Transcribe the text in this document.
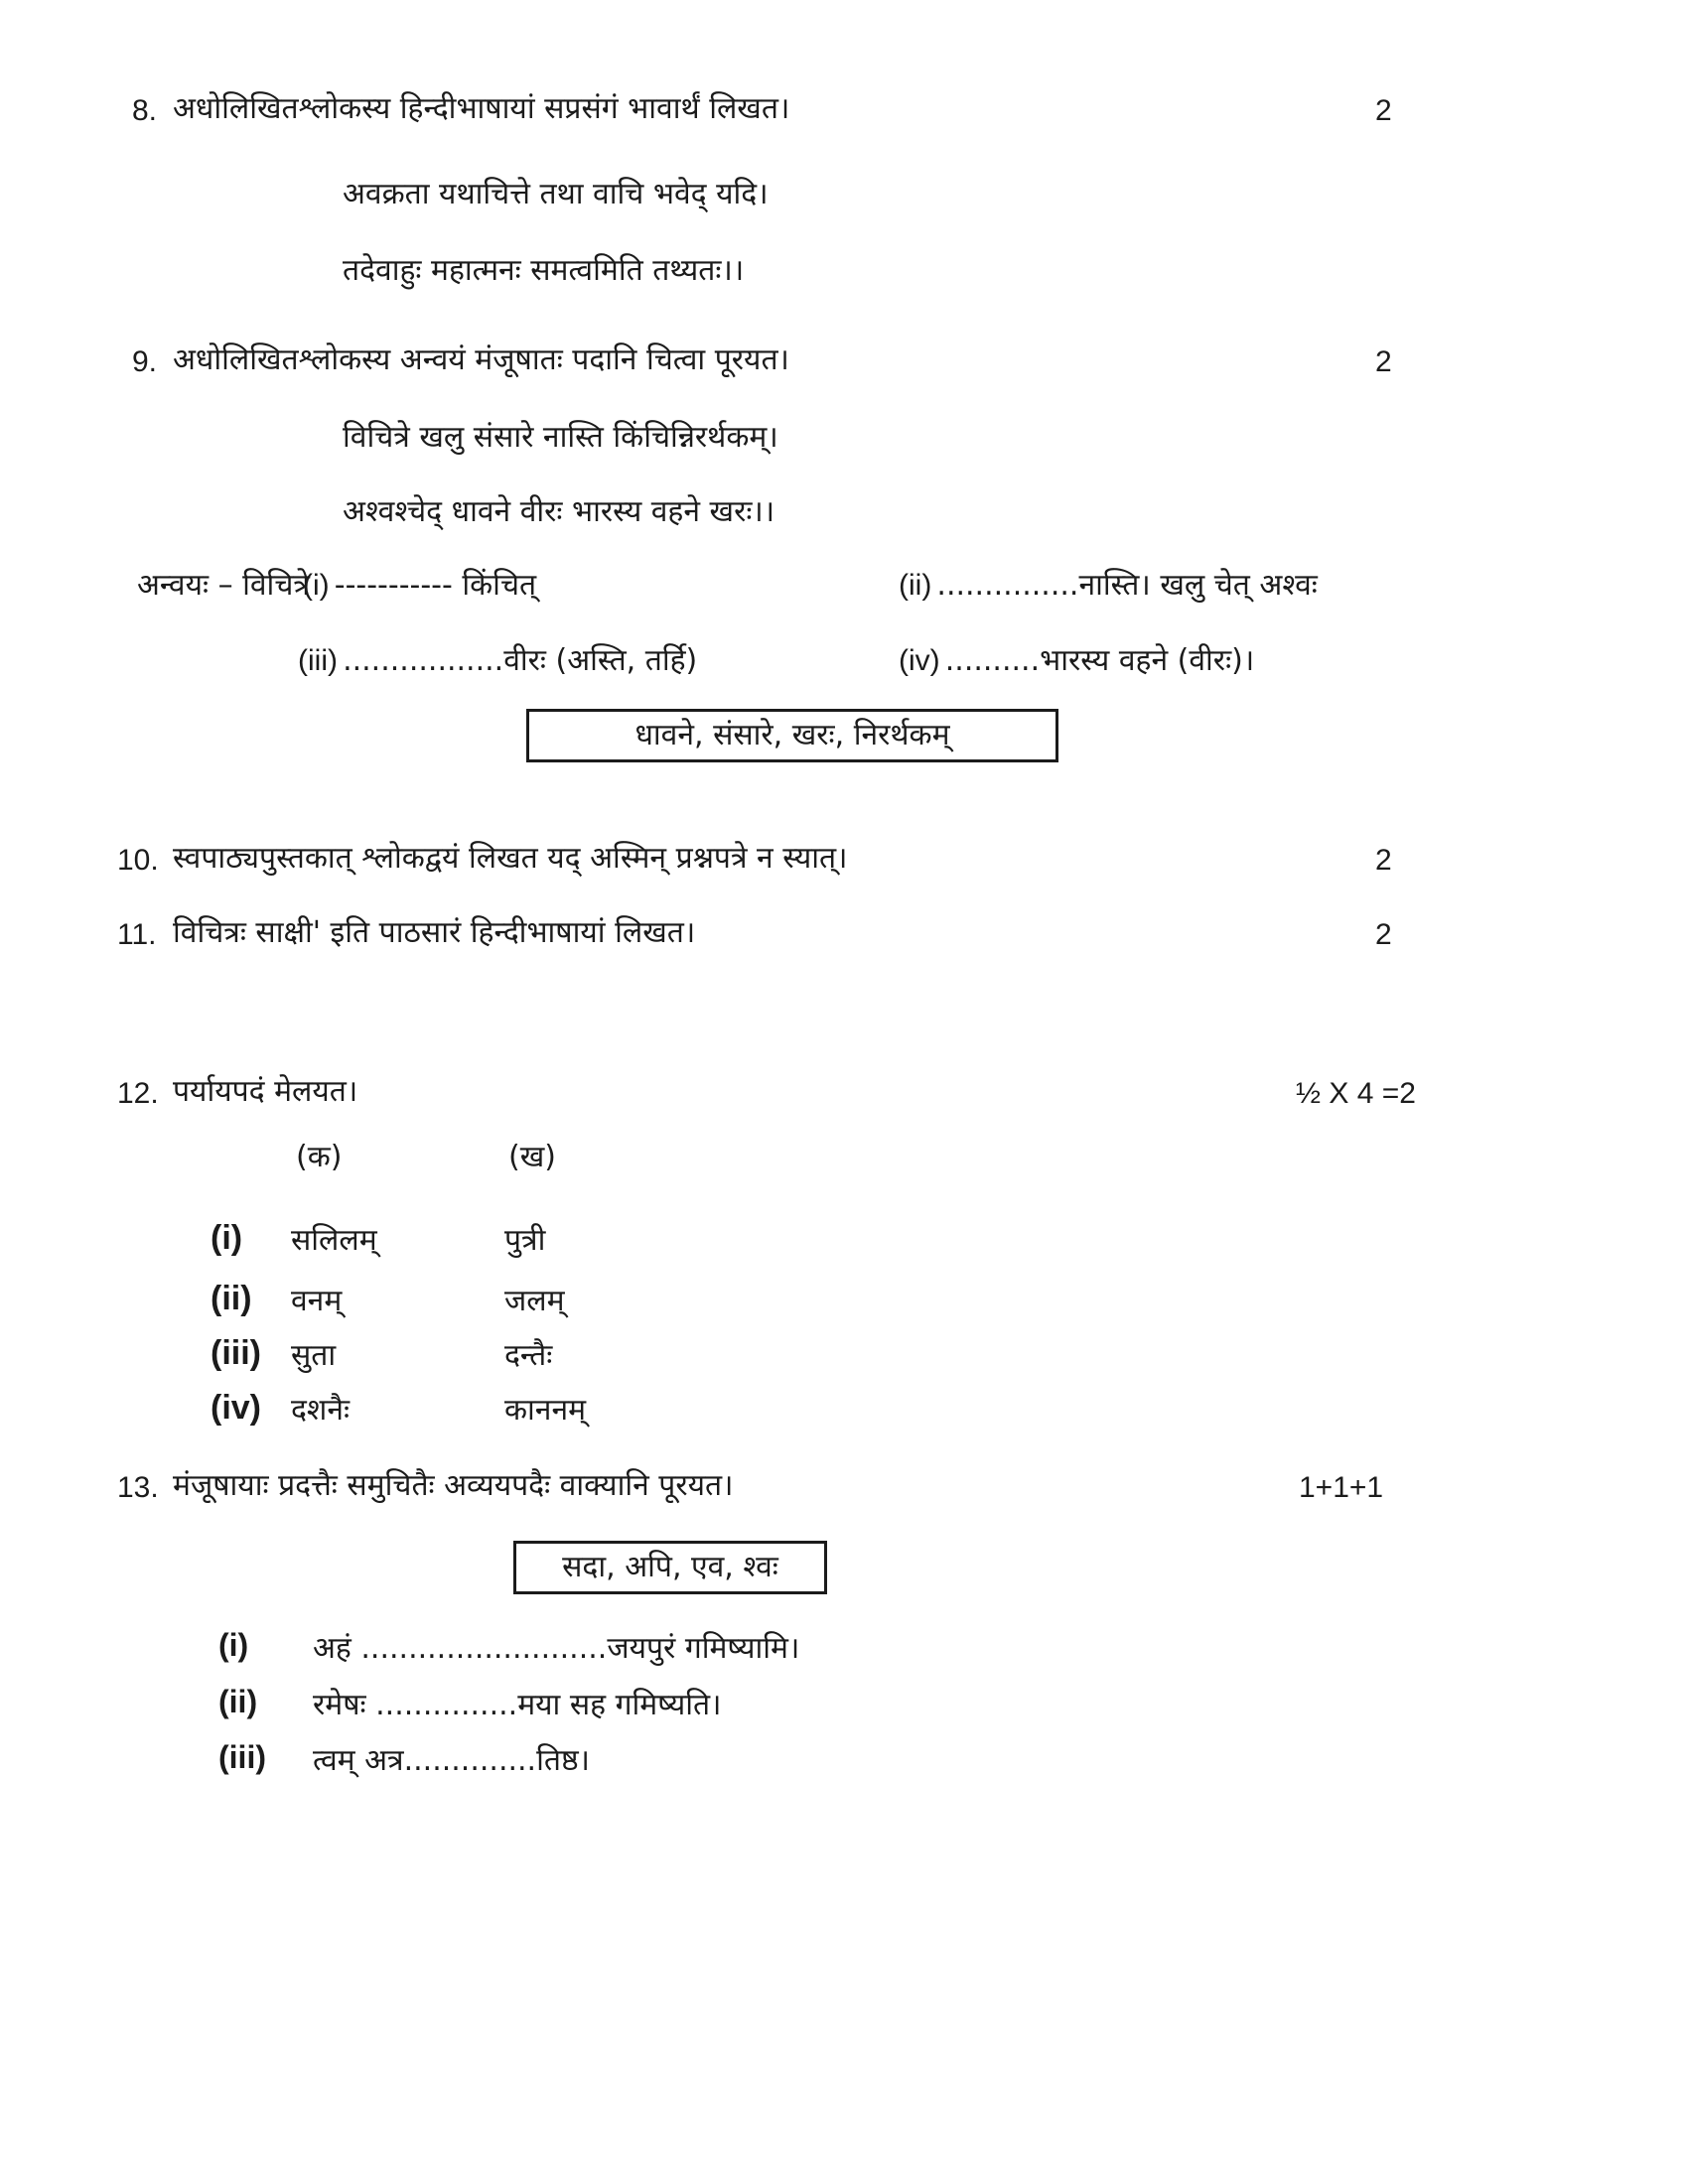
8. अधोलिखितश्लोकस्य हिन्दीभाषायां सप्रसंगं भावार्थं लिखत।	2
अवक्रता यथाचित्ते तथा वाचि भवेद् यदि।
तदेवाहुः महात्मनः समत्वमिति तथ्यतः।।
9. अधोलिखितश्लोकस्य अन्वयं मंजूषातः पदानि चित्वा पूरयत।	2
विचित्रे खलु संसारे नास्ति किंचिन्निरर्थकम्।
अश्वश्चेद् धावने वीरः भारस्य वहने खरः।।
अन्वयः – विचित्रे
(i) ----------- किंचित्	(ii) ...............नास्ति। खलु चेत् अश्वः
(iii) .................वीरः (अस्ति, तर्हि)	(iv) ..........भारस्य वहने (वीरः)।
धावने, संसारे, खरः, निरर्थकम्
10. स्वपाठ्यपुस्तकात् श्लोकद्वयं लिखत यद् अस्मिन् प्रश्नपत्रे न स्यात्।	2
11. विचित्रः साक्षी' इति पाठसारं हिन्दीभाषायां लिखत।	2
12. पर्यायपदं मेलयत।	½ X 4 =2
(क)	(ख)
(i) सलिलम्	पुत्री
(ii) वनम्	जलम्
(iii) सुता	दन्तैः
(iv) दशनैः	काननम्
13. मंजूषायाः प्रदत्तैः समुचितैः अव्ययपदैः वाक्यानि पूरयत।	1+1+1
सदा, अपि, एव, श्वः
(i) अहं ..........................जयपुरं गमिष्यामि।
(ii) रमेषः ...............मया सह गमिष्यति।
(iii) त्वम् अत्र..............तिष्ठ।
